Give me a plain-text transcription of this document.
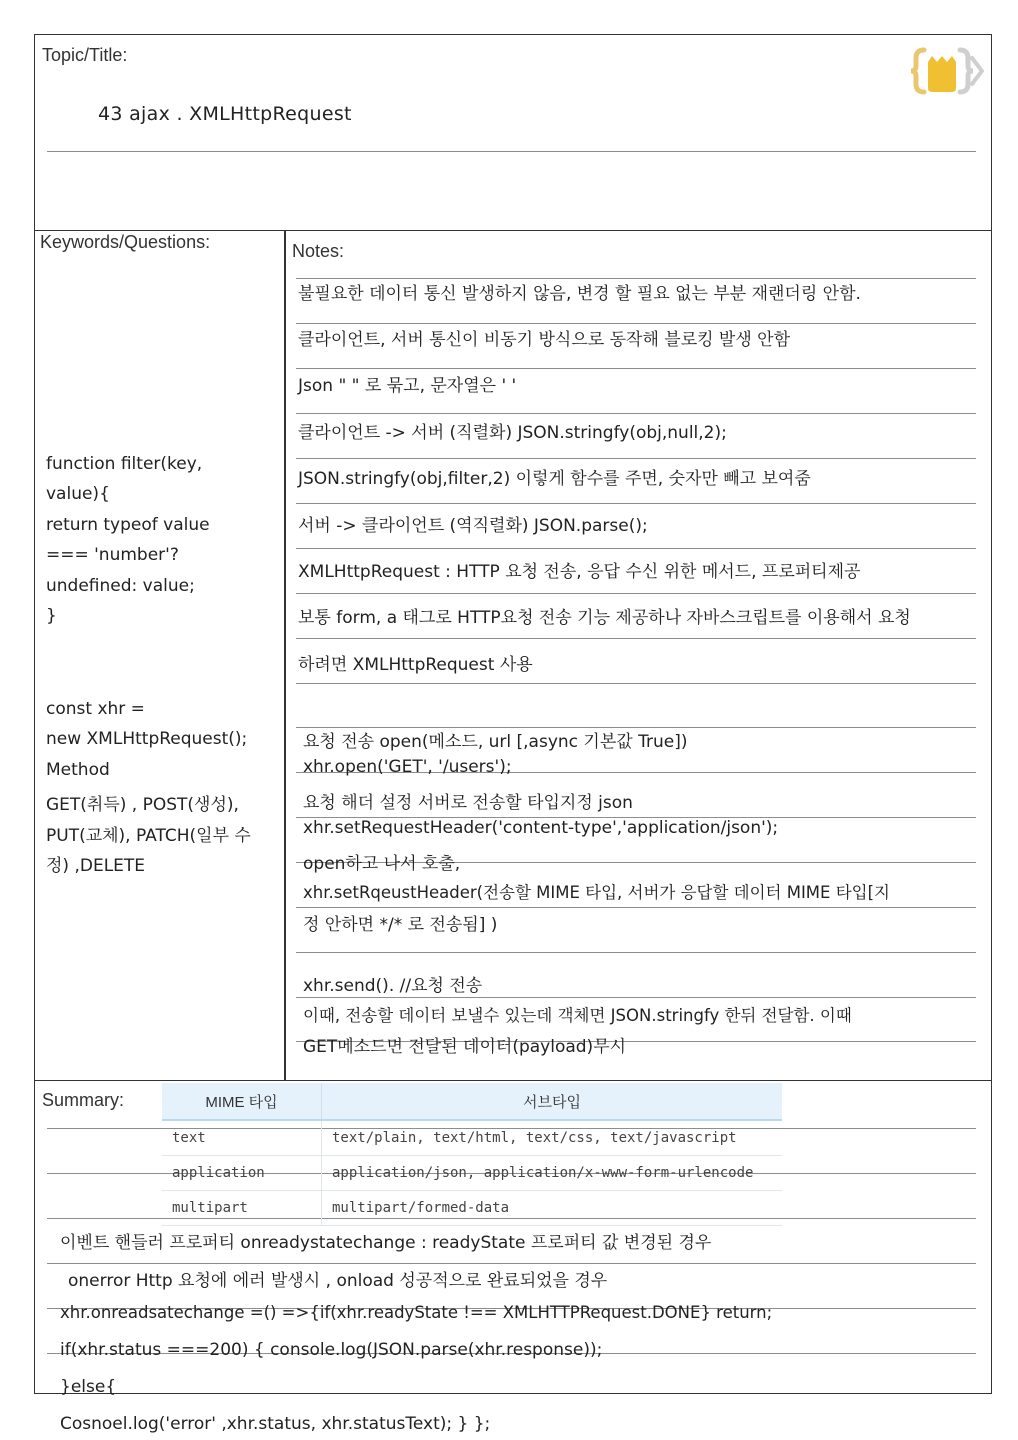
Topic/Title:
43 ajax . XMLHttpRequest
Keywords/Questions:	Notes:
불필요한 데이터 통신 발생하지 않음, 변경 할 필요 없는 부분 재랜더링 안함.
클라이언트, 서버 통신이 비동기 방식으로 동작해 블로킹 발생 안함
Json " " 로 묶고, 문자열은 ' '
클라이언트 -> 서버 (직렬화) JSON.stringfy(obj,null,2);
JSON.stringfy(obj,filter,2) 이렇게 함수를 주면, 숫자만 빼고 보여줌
서버 -> 클라이언트 (역직렬화) JSON.parse();
XMLHttpRequest : HTTP 요청 전송, 응답 수신 위한 메서드, 프로퍼티제공
보통 form, a 태그로 HTTP요청 전송 기능 제공하나 자바스크립트를 이용해서 요청
하려면 XMLHttpRequest 사용
요청 전송 open(메소드, url [,async 기본값 True])
xhr.open('GET', '/users');
요청 해더 설정 서버로 전송할 타입지정 json
xhr.setRequestHeader('content-type','application/json');
open하고 나서 호출,
xhr.setRqeustHeader(전송할 MIME 타입, 서버가 응답할 데이터 MIME 타입[지
정 안하면 */* 로 전송됨] )
xhr.send(). //요청 전송
이때, 전송할 데이터 보낼수 있는데 객체면 JSON.stringfy 한뒤 전달함. 이때
GET메소드면 전달된 데이터(payload)무시
function filter(key,
value){
return typeof value
=== 'number'?
undefined: value;
}
const xhr =
new XMLHttpRequest();
Method
GET(취득) , POST(생성),
PUT(교체), PATCH(일부 수
정) ,DELETE
Summary:	MIME 타입	서브타입
text	text/plain, text/html, text/css, text/javascript
application	application/json, application/x-www-form-urlencode
multipart	multipart/formed-data
이벤트 핸들러 프로퍼티 onreadystatechange : readyState 프로퍼티 값 변경된 경우
onerror Http 요청에 에러 발생시 , onload 성공적으로 완료되었을 경우
xhr.onreadsatechange =() =>{if(xhr.readyState !== XMLHTTPRequest.DONE} return;
if(xhr.status ===200) { console.log(JSON.parse(xhr.response));
}else{
Cosnoel.log('error' ,xhr.status, xhr.statusText); } };
